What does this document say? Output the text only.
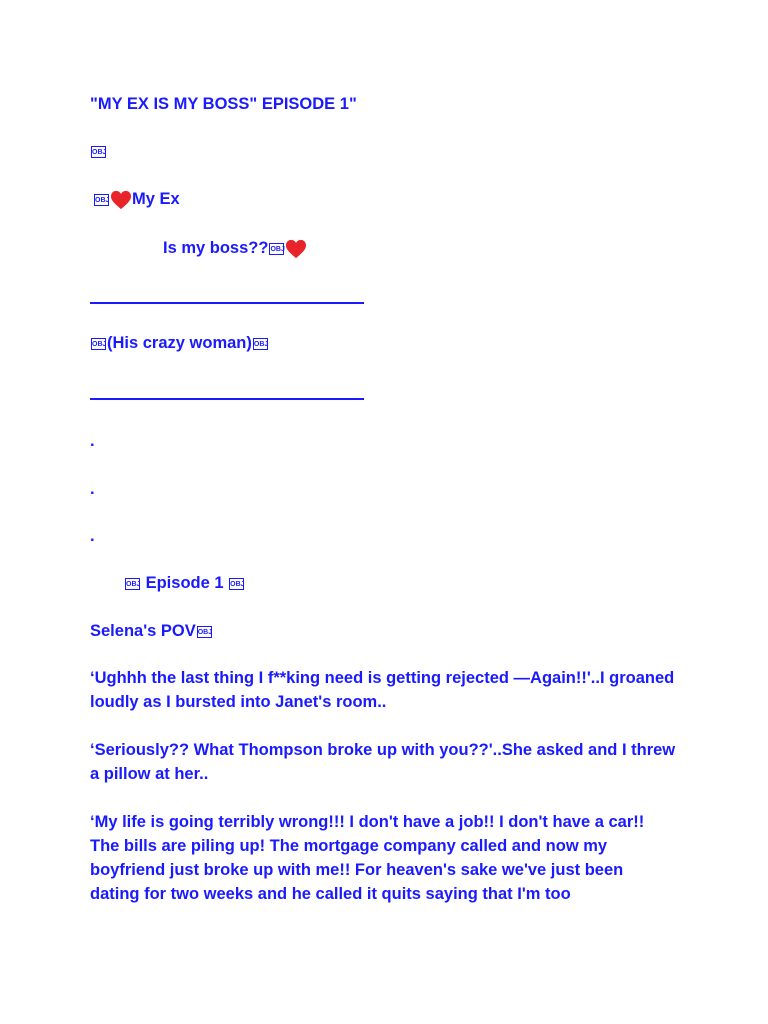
"MY EX IS MY BOSS" EPISODE 1"
OBJ
OBJ My Ex
Is my boss?? OBJ
OBJ(His crazy woman) OBJ
.
.
.
OBJ Episode 1 OBJ
Selena's POV OBJ
‘Ughhh the last thing I f**king need is getting rejected —Again!!'..I groaned loudly as I bursted into Janet's room..
‘Seriously?? What Thompson broke up with you??'..She asked and I threw a pillow at her..
‘My life is going terribly wrong!!! I don't have a job!! I don't have a car!! The bills are piling up! The mortgage company called and now my boyfriend just broke up with me!! For heaven's sake we've just been dating for two weeks and he called it quits saying that I'm too
